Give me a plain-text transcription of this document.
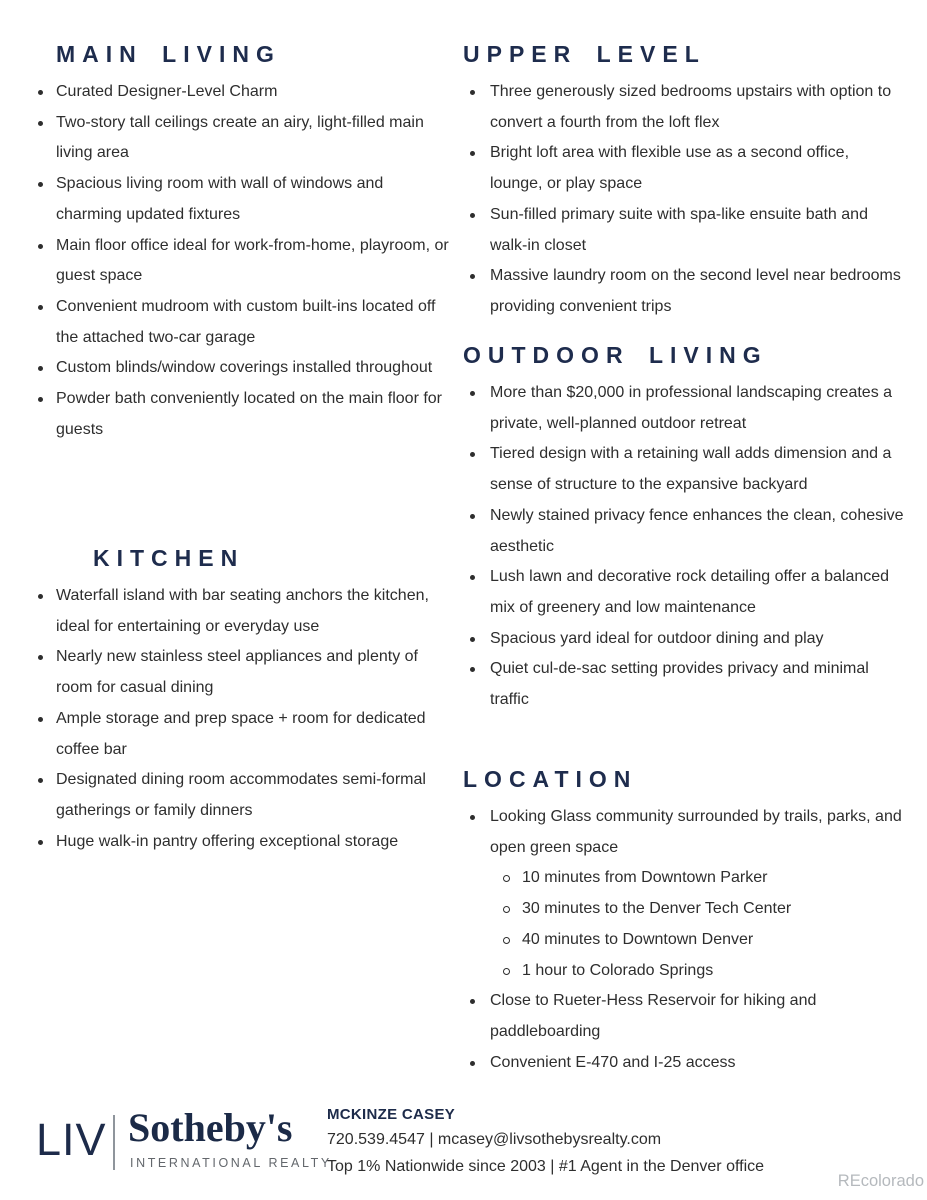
MAIN LIVING
Curated Designer-Level Charm
Two-story tall ceilings create an airy, light-filled main living area
Spacious living room with wall of windows and charming updated fixtures
Main floor office ideal for work-from-home, playroom, or guest space
Convenient mudroom with custom built-ins located off the attached two-car garage
Custom blinds/window coverings installed throughout
Powder bath conveniently located on the main floor for guests
KITCHEN
Waterfall island with bar seating anchors the kitchen, ideal for entertaining or everyday use
Nearly new stainless steel appliances and plenty of room for casual dining
Ample storage and prep space + room for dedicated coffee bar
Designated dining room accommodates semi-formal gatherings or family dinners
Huge walk-in pantry offering exceptional storage
UPPER LEVEL
Three generously sized bedrooms upstairs with option to convert a fourth from the loft flex
Bright loft area with flexible use as a second office, lounge, or play space
Sun-filled primary suite with spa-like ensuite bath and walk-in closet
Massive laundry room on the second level near bedrooms providing convenient trips
OUTDOOR LIVING
More than $20,000 in professional landscaping creates a private, well-planned outdoor retreat
Tiered design with a retaining wall adds dimension and a sense of structure to the expansive backyard
Newly stained privacy fence enhances the clean, cohesive aesthetic
Lush lawn and decorative rock detailing offer a balanced mix of greenery and low maintenance
Spacious yard ideal for outdoor dining and play
Quiet cul-de-sac setting provides privacy and minimal traffic
LOCATION
Looking Glass community surrounded by trails, parks, and open green space
10 minutes from Downtown Parker
30 minutes to the Denver Tech Center
40 minutes to Downtown Denver
1 hour to Colorado Springs
Close to Rueter-Hess Reservoir for hiking and paddleboarding
Convenient E-470 and I-25 access
LIV Sotheby's
INTERNATIONAL REALTY
MCKINZE CASEY
720.539.4547 | mcasey@livsothebysrealty.com
Top 1% Nationwide since 2003 | #1 Agent in the Denver office
REcolorado
